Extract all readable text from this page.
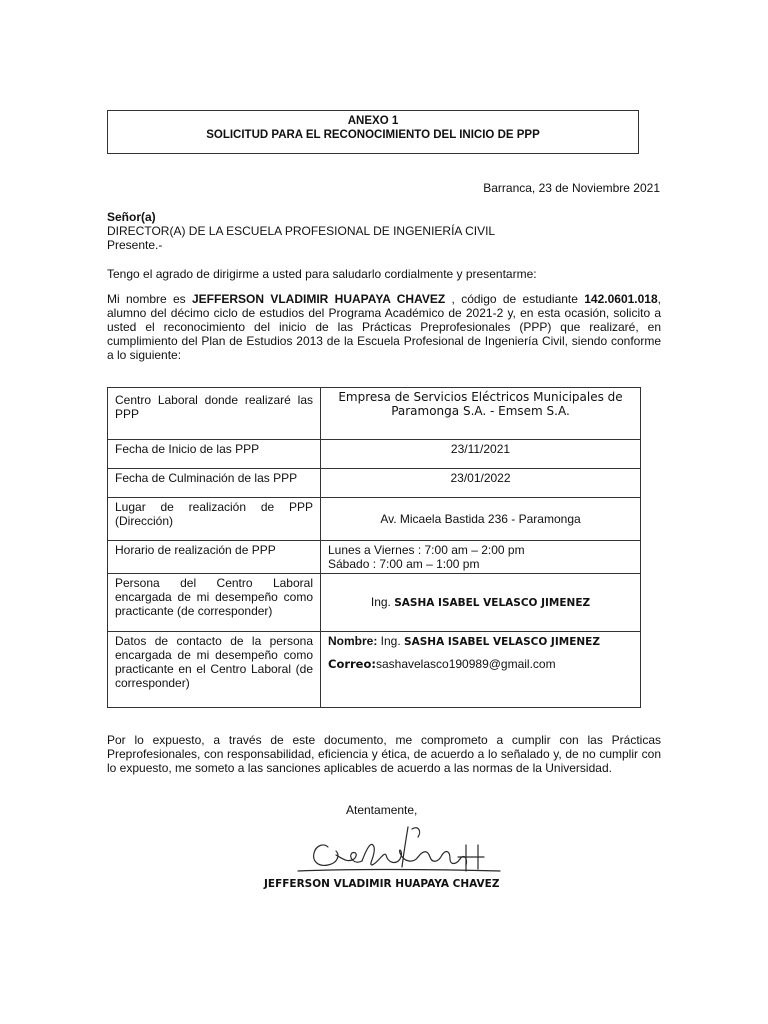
ANEXO 1
SOLICITUD PARA EL RECONOCIMIENTO DEL INICIO DE PPP
Barranca, 23 de Noviembre 2021
Señor(a)
DIRECTOR(A) DE LA ESCUELA PROFESIONAL DE INGENIERÍA CIVIL
Presente.-
Tengo el agrado de dirigirme a usted para saludarlo cordialmente y presentarme:
Mi nombre es JEFFERSON VLADIMIR HUAPAYA CHAVEZ , código de estudiante 142.0601.018, alumno del décimo ciclo de estudios del Programa Académico de 2021-2 y, en esta ocasión, solicito a usted el reconocimiento del inicio de las Prácticas Preprofesionales (PPP) que realizaré, en cumplimiento del Plan de Estudios 2013 de la Escuela Profesional de Ingeniería Civil, siendo conforme a lo siguiente:
Centro Laboral donde realizaré las PPP	Empresa de Servicios Eléctricos Municipales de Paramonga S.A. - Emsem S.A.
Fecha de Inicio de las PPP	23/11/2021
Fecha de Culminación de las PPP	23/01/2022
Lugar de realización de PPP (Dirección)	Av. Micaela Bastida 236 - Paramonga
Horario de realización de PPP	Lunes a Viernes : 7:00 am – 2:00 pm
Sábado : 7:00 am – 1:00 pm

Persona del Centro Laboral encargada de mi desempeño como practicante (de corresponder)	Ing. SASHA ISABEL VELASCO JIMENEZ
Datos de contacto de la persona encargada de mi desempeño como practicante en el Centro Laboral (de corresponder)	Nombre: Ing. SASHA ISABEL VELASCO JIMENEZ
Correo:sashavelasco190989@gmail.com
Por lo expuesto, a través de este documento, me comprometo a cumplir con las Prácticas Preprofesionales, con responsabilidad, eficiencia y ética, de acuerdo a lo señalado y, de no cumplir con lo expuesto, me someto a las sanciones aplicables de acuerdo a las normas de la Universidad.
Atentamente,
JEFFERSON VLADIMIR HUAPAYA CHAVEZ
